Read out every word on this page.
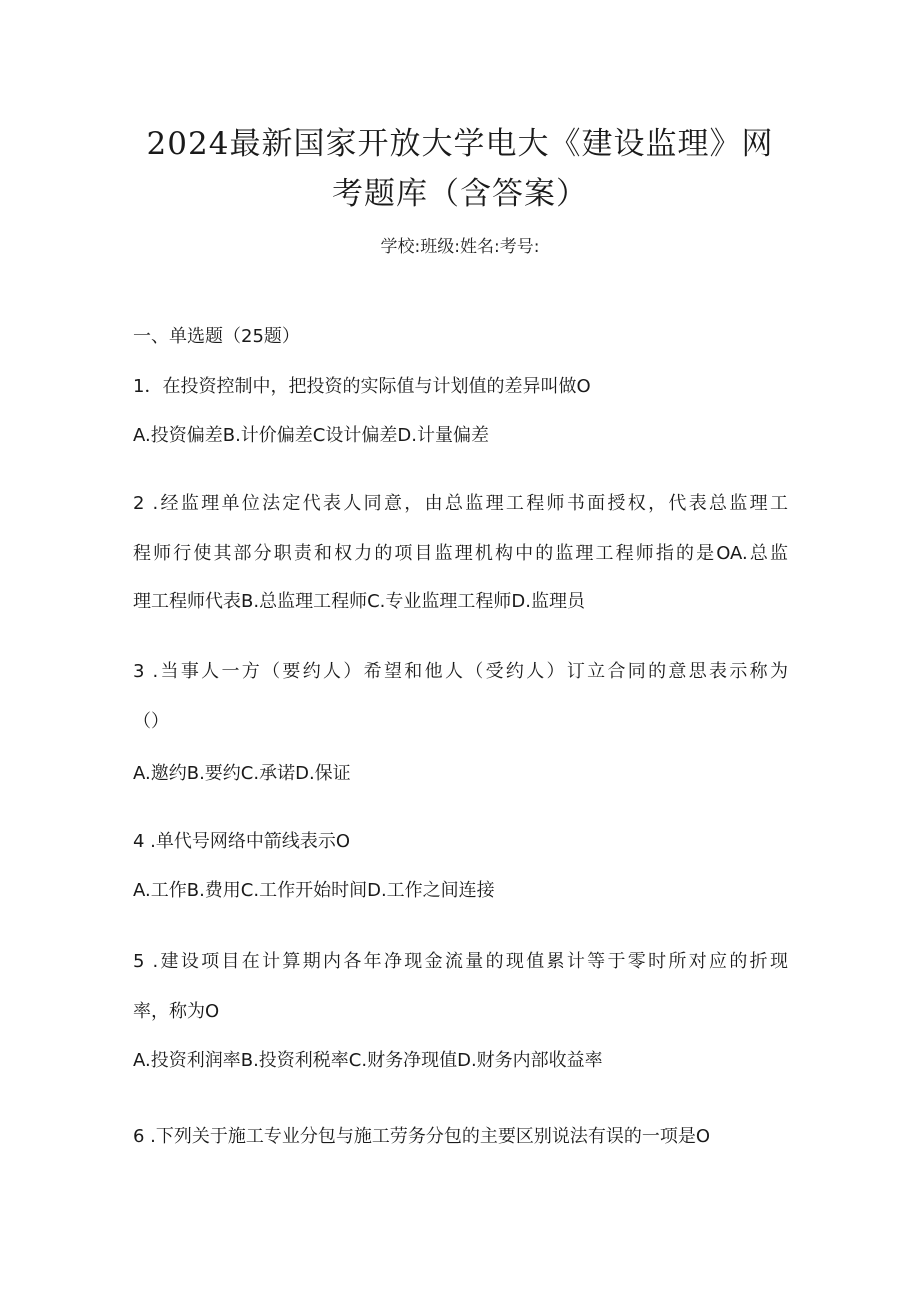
2024最新国家开放大学电大《建设监理》网
考题库（含答案）
学校:班级:姓名:考号:
一、单选题（25题）
1．在投资控制中，把投资的实际值与计划值的差异叫做O
A.投资偏差B.计价偏差C设计偏差D.计量偏差
2 .经监理单位法定代表人同意，由总监理工程师书面授权，代表总监理工
程师行使其部分职责和权力的项目监理机构中的监理工程师指的是OA.总监
理工程师代表B.总监理工程师C.专业监理工程师D.监理员
3 .当事人一方（要约人）希望和他人（受约人）订立合同的意思表示称为
（）
A.邀约B.要约C.承诺D.保证
4 .单代号网络中箭线表示O
A.工作B.费用C.工作开始时间D.工作之间连接
5 .建设项目在计算期内各年净现金流量的现值累计等于零时所对应的折现
率，称为O
A.投资利润率B.投资利税率C.财务净现值D.财务内部收益率
6 .下列关于施工专业分包与施工劳务分包的主要区别说法有误的一项是O
